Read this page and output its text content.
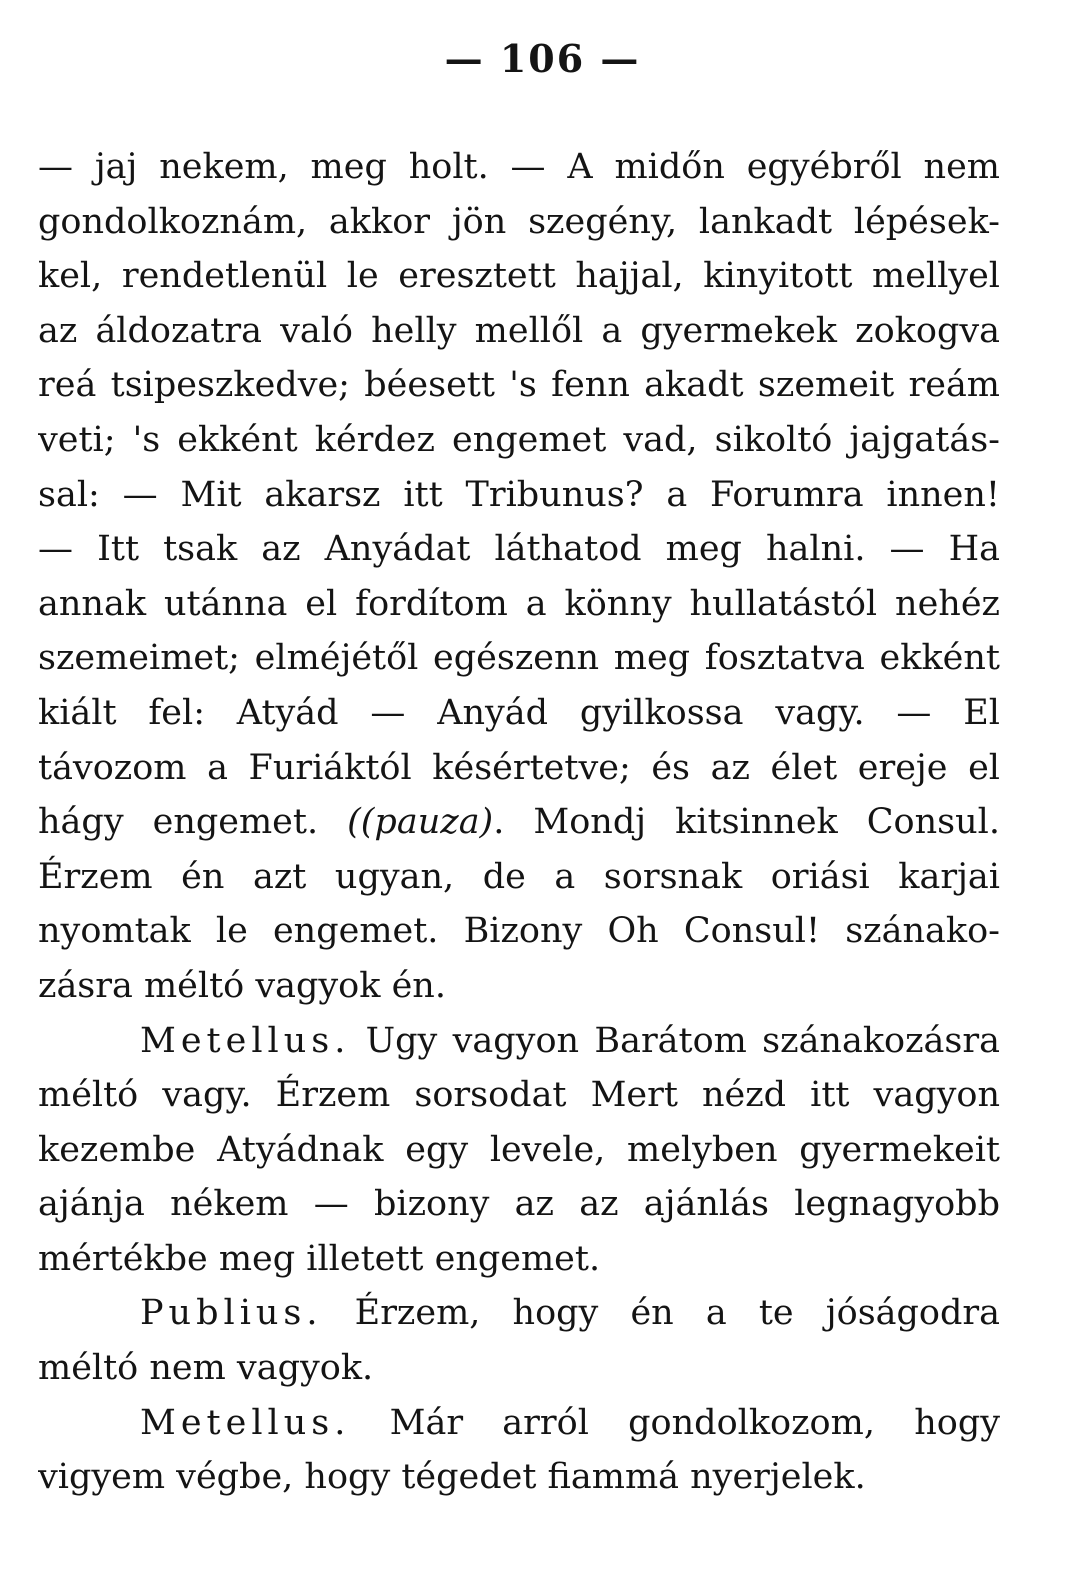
— 106 —
— jaj nekem, meg holt. — A midőn egyébről nem
gondolkoznám, akkor jön szegény, lankadt lépések-
kel, rendetlenül le eresztett hajjal, kinyitott mellyel
az áldozatra való helly mellől a gyermekek zokogva
reá tsipeszkedve; béesett 's fenn akadt szemeit reám
veti; 's ekként kérdez engemet vad, sikoltó jajgatás-
sal: — Mit akarsz itt Tribunus? a Forumra innen!
— Itt tsak az Anyádat láthatod meg halni. — Ha
annak utánna el fordítom a könny hullatástól nehéz
szemeimet; elméjétől egészenn meg fosztatva ekként
kiált fel: Atyád — Anyád gyilkossa vagy. — El
távozom a Furiáktól késértetve; és az élet ereje el
hágy engemet. ((pauza). Mondj kitsinnek Consul.
Érzem én azt ugyan, de a sorsnak oriási karjai
nyomtak le engemet. Bizony Oh Consul! szánako-
zásra méltó vagyok én.
Metellus. Ugy vagyon Barátom szánakozásra
méltó vagy. Érzem sorsodat Mert nézd itt vagyon
kezembe Atyádnak egy levele, melyben gyermekeit
ajánja nékem — bizony az az ajánlás legnagyobb
mértékbe meg illetett engemet.
Publius. Érzem, hogy én a te jóságodra
méltó nem vagyok.
Metellus. Már arról gondolkozom, hogy
vigyem végbe, hogy tégedet fiammá nyerjelek.
